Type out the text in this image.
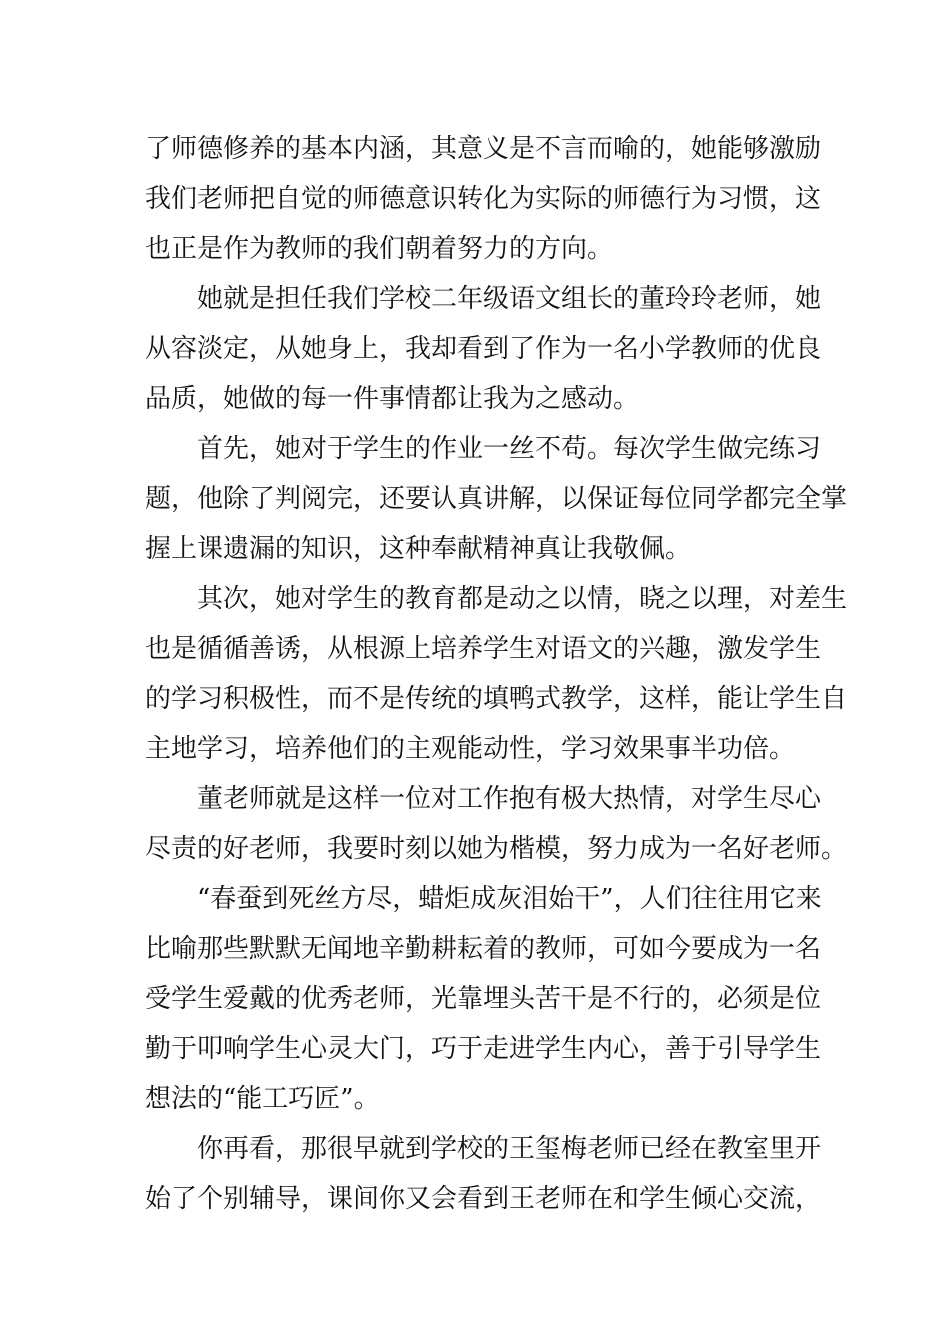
了师德修养的基本内涵，其意义是不言而喻的，她能够激励
我们老师把自觉的师德意识转化为实际的师德行为习惯，这
也正是作为教师的我们朝着努力的方向。
她就是担任我们学校二年级语文组长的董玲玲老师，她
从容淡定，从她身上，我却看到了作为一名小学教师的优良
品质，她做的每一件事情都让我为之感动。
首先，她对于学生的作业一丝不苟。每次学生做完练习
题，他除了判阅完，还要认真讲解，以保证每位同学都完全掌
握上课遗漏的知识，这种奉献精神真让我敬佩。
其次，她对学生的教育都是动之以情，晓之以理，对差生
也是循循善诱，从根源上培养学生对语文的兴趣，激发学生
的学习积极性，而不是传统的填鸭式教学，这样，能让学生自
主地学习，培养他们的主观能动性，学习效果事半功倍。
董老师就是这样一位对工作抱有极大热情，对学生尽心
尽责的好老师，我要时刻以她为楷模，努力成为一名好老师。
“春蚕到死丝方尽，蜡炬成灰泪始干”，人们往往用它来
比喻那些默默无闻地辛勤耕耘着的教师，可如今要成为一名
受学生爱戴的优秀老师，光靠埋头苦干是不行的，必须是位
勤于叩响学生心灵大门，巧于走进学生内心，善于引导学生
想法的“能工巧匠”。
你再看，那很早就到学校的王玺梅老师已经在教室里开
始了个别辅导，课间你又会看到王老师在和学生倾心交流，
